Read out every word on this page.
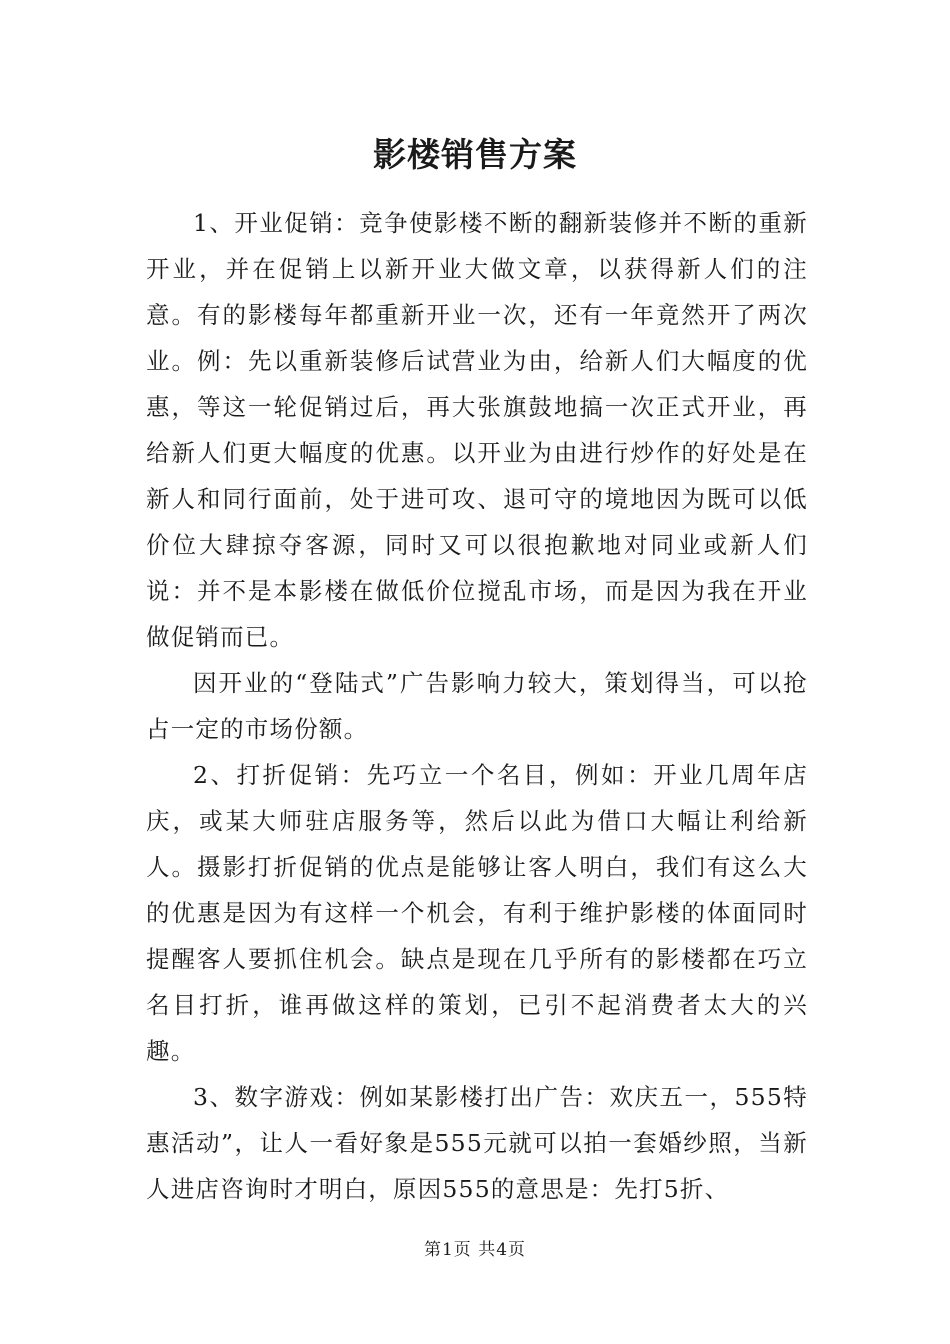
影楼销售方案

1、开业促销：竞争使影楼不断的翻新装修并不断的重新开业，并在促销上以新开业大做文章，以获得新人们的注意。有的影楼每年都重新开业一次，还有一年竟然开了两次业。例：先以重新装修后试营业为由，给新人们大幅度的优惠，等这一轮促销过后，再大张旗鼓地搞一次正式开业，再给新人们更大幅度的优惠。以开业为由进行炒作的好处是在新人和同行面前，处于进可攻、退可守的境地因为既可以低价位大肆掠夺客源，同时又可以很抱歉地对同业或新人们说：并不是本影楼在做低价位搅乱市场，而是因为我在开业做促销而已。

因开业的“登陆式”广告影响力较大，策划得当，可以抢占一定的市场份额。

2、打折促销：先巧立一个名目，例如：开业几周年店庆，或某大师驻店服务等，然后以此为借口大幅让利给新人。摄影打折促销的优点是能够让客人明白，我们有这么大的优惠是因为有这样一个机会，有利于维护影楼的体面同时提醒客人要抓住机会。缺点是现在几乎所有的影楼都在巧立名目打折，谁再做这样的策划，已引不起消费者太大的兴趣。

3、数字游戏：例如某影楼打出广告：欢庆五一，555特惠活动”，让人一看好象是555元就可以拍一套婚纱照，当新人进店咨询时才明白，原因555的意思是：先打5折、

第1页 共4页
